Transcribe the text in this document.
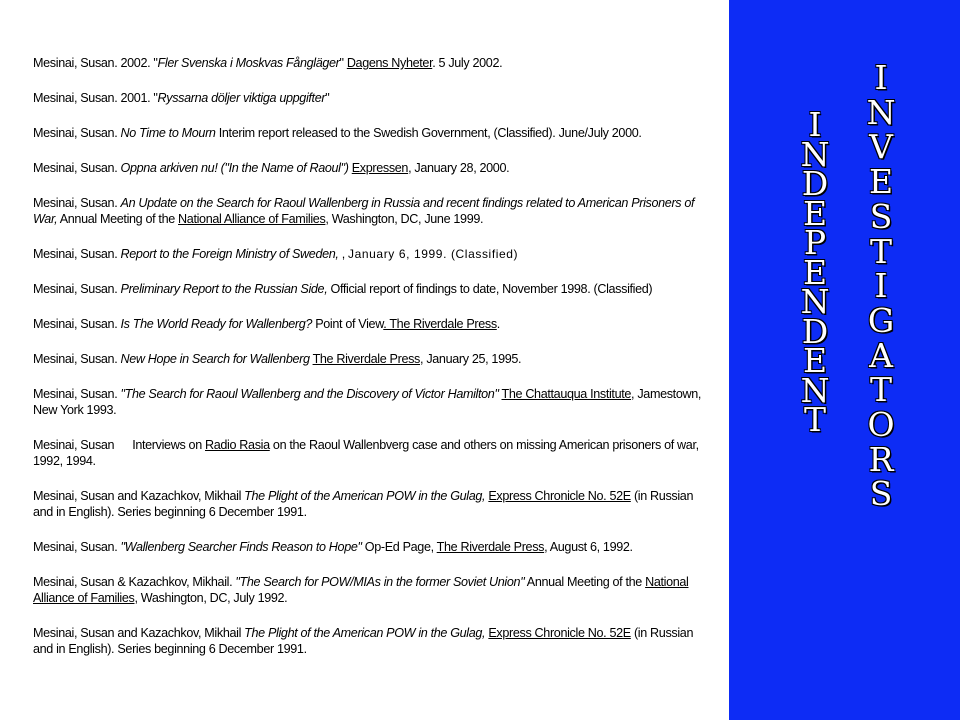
Mesinai, Susan. 2002. "Fler Svenska i Moskvas Fångläger" Dagens Nyheter. 5 July 2002.
Mesinai, Susan. 2001. "Ryssarna döljer viktiga uppgifter"
Mesinai, Susan. No Time to Mourn Interim report released to the Swedish Government, (Classified). June/July 2000.
Mesinai, Susan. Oppna arkiven nu! ("In the Name of Raoul") Expressen, January 28, 2000.
Mesinai, Susan. An Update on the Search for Raoul Wallenberg in Russia and recent findings related to American Prisoners of War, Annual Meeting of the National Alliance of Families, Washington, DC, June 1999.
Mesinai, Susan. Report to the Foreign Ministry of Sweden, , January 6, 1999. (Classified)
Mesinai, Susan. Preliminary Report to the Russian Side, Official report of findings to date, November 1998. (Classified)
Mesinai, Susan. Is The World Ready for Wallenberg? Point of View. The Riverdale Press.
Mesinai, Susan. New Hope in Search for Wallenberg The Riverdale Press, January 25, 1995.
Mesinai, Susan. "The Search for Raoul Wallenberg and the Discovery of Victor Hamilton" The Chattauqua Institute, Jamestown, New York 1993.
Mesinai, Susan Interviews on Radio Rasia on the Raoul Wallenbverg case and others on missing American prisoners of war, 1992, 1994.
Mesinai, Susan and Kazachkov, Mikhail The Plight of the American POW in the Gulag, Express Chronicle No. 52E (in Russian and in English). Series beginning 6 December 1991.
Mesinai, Susan. "Wallenberg Searcher Finds Reason to Hope" Op-Ed Page, The Riverdale Press, August 6, 1992.
Mesinai, Susan & Kazachkov, Mikhail. "The Search for POW/MIAs in the former Soviet Union" Annual Meeting of the National Alliance of Families, Washington, DC, July 1992.
Mesinai, Susan and Kazachkov, Mikhail The Plight of the American POW in the Gulag, Express Chronicle No. 52E (in Russian and in English). Series beginning 6 December 1991.
I
N
D
E
P
E
N
D
E
N
T
I
N
V
E
S
T
I
G
A
T
O
R
S
